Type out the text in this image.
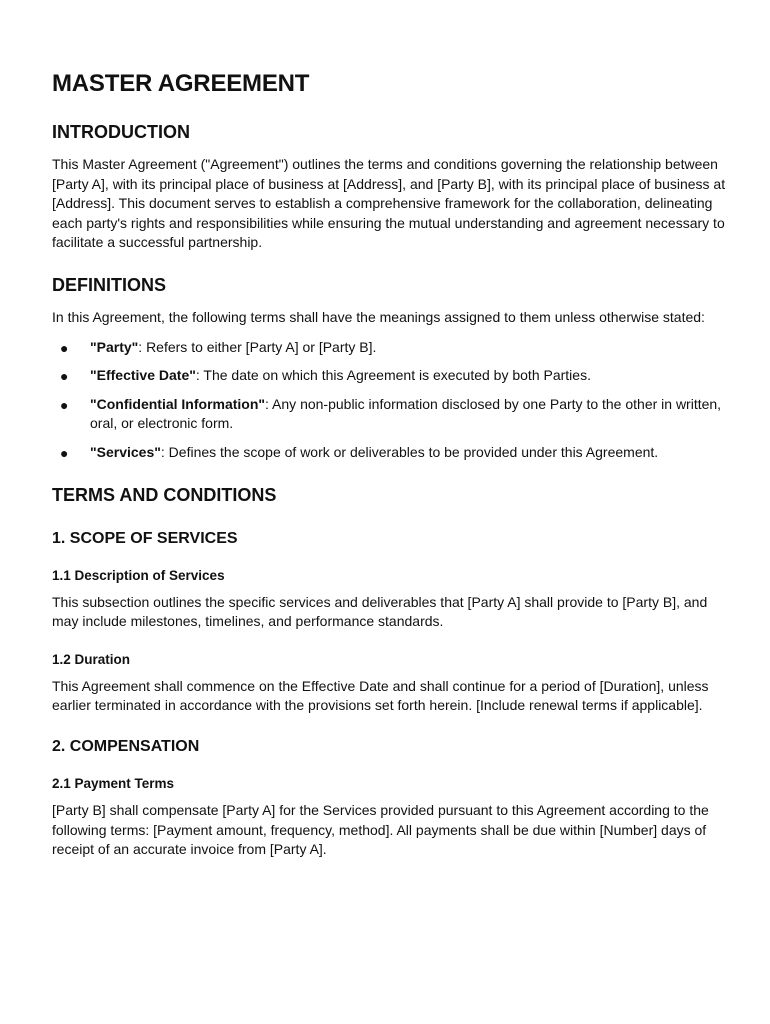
MASTER AGREEMENT
INTRODUCTION

This Master Agreement ("Agreement") outlines the terms and conditions governing the relationship between [Party A], with its principal place of business at [Address], and [Party B], with its principal place of business at [Address]. This document serves to establish a comprehensive framework for the collaboration, delineating each party's rights and responsibilities while ensuring the mutual understanding and agreement necessary to facilitate a successful partnership.

DEFINITIONS

In this Agreement, the following terms shall have the meanings assigned to them unless otherwise stated:

● "Party": Refers to either [Party A] or [Party B].
● "Effective Date": The date on which this Agreement is executed by both Parties.
● "Confidential Information": Any non-public information disclosed by one Party to the other in written, oral, or electronic form.
● "Services": Defines the scope of work or deliverables to be provided under this Agreement.
TERMS AND CONDITIONS
1. SCOPE OF SERVICES
1.1 Description of Services

This subsection outlines the specific services and deliverables that [Party A] shall provide to [Party B], and may include milestones, timelines, and performance standards.

1.2 Duration

This Agreement shall commence on the Effective Date and shall continue for a period of [Duration], unless earlier terminated in accordance with the provisions set forth herein. [Include renewal terms if applicable].

2. COMPENSATION
2.1 Payment Terms

[Party B] shall compensate [Party A] for the Services provided pursuant to this Agreement according to the following terms: [Payment amount, frequency, method]. All payments shall be due within [Number] days of receipt of an accurate invoice from [Party A].
